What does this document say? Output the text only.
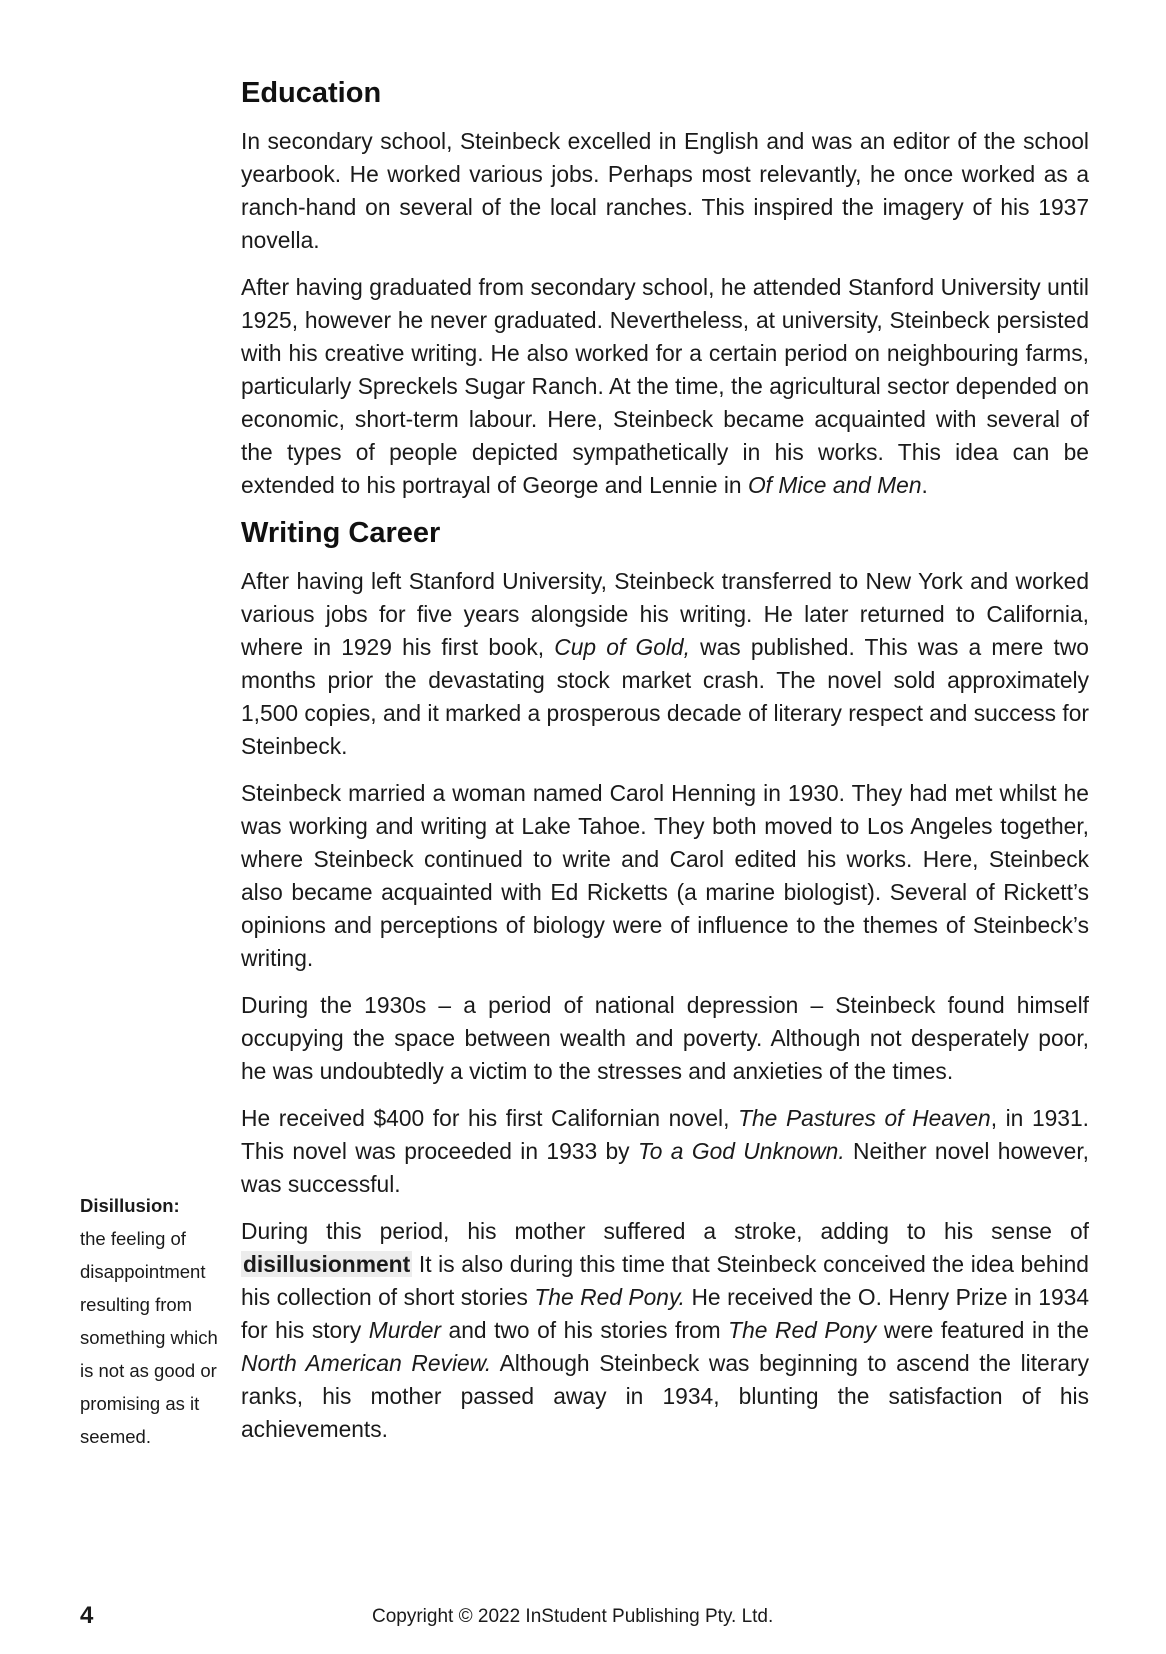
Education

In secondary school, Steinbeck excelled in English and was an editor of the school yearbook. He worked various jobs. Perhaps most relevantly, he once worked as a ranch-hand on several of the local ranches. This inspired the imagery of his 1937 novella.

After having graduated from secondary school, he attended Stanford University until 1925, however he never graduated. Nevertheless, at university, Steinbeck persisted with his creative writing. He also worked for a certain period on neighbouring farms, particularly Spreckels Sugar Ranch. At the time, the agricultural sector depended on economic, short-term labour. Here, Steinbeck became acquainted with several of the types of people depicted sympathetically in his works. This idea can be extended to his portrayal of George and Lennie in Of Mice and Men.

Writing Career

After having left Stanford University, Steinbeck transferred to New York and worked various jobs for five years alongside his writing. He later returned to California, where in 1929 his first book, Cup of Gold, was published. This was a mere two months prior the devastating stock market crash. The novel sold approximately 1,500 copies, and it marked a prosperous decade of literary respect and success for Steinbeck.

Steinbeck married a woman named Carol Henning in 1930. They had met whilst he was working and writing at Lake Tahoe. They both moved to Los Angeles together, where Steinbeck continued to write and Carol edited his works. Here, Steinbeck also became acquainted with Ed Ricketts (a marine biologist). Several of Rickett’s opinions and perceptions of biology were of influence to the themes of Steinbeck’s writing.

During the 1930s – a period of national depression – Steinbeck found himself occupying the space between wealth and poverty. Although not desperately poor, he was undoubtedly a victim to the stresses and anxieties of the times.

He received $400 for his first Californian novel, The Pastures of Heaven, in 1931. This novel was proceeded in 1933 by To a God Unknown. Neither novel however, was successful.

During this period, his mother suffered a stroke, adding to his sense of disillusionment It is also during this time that Steinbeck conceived the idea behind his collection of short stories The Red Pony. He received the O. Henry Prize in 1934 for his story Murder and two of his stories from The Red Pony were featured in the North American Review. Although Steinbeck was beginning to ascend the literary ranks, his mother passed away in 1934, blunting the satisfaction of his achievements.

Disillusion:
the feeling of disappointment resulting from something which is not as good or promising as it seemed.
4	Copyright © 2022 InStudent Publishing Pty. Ltd.
